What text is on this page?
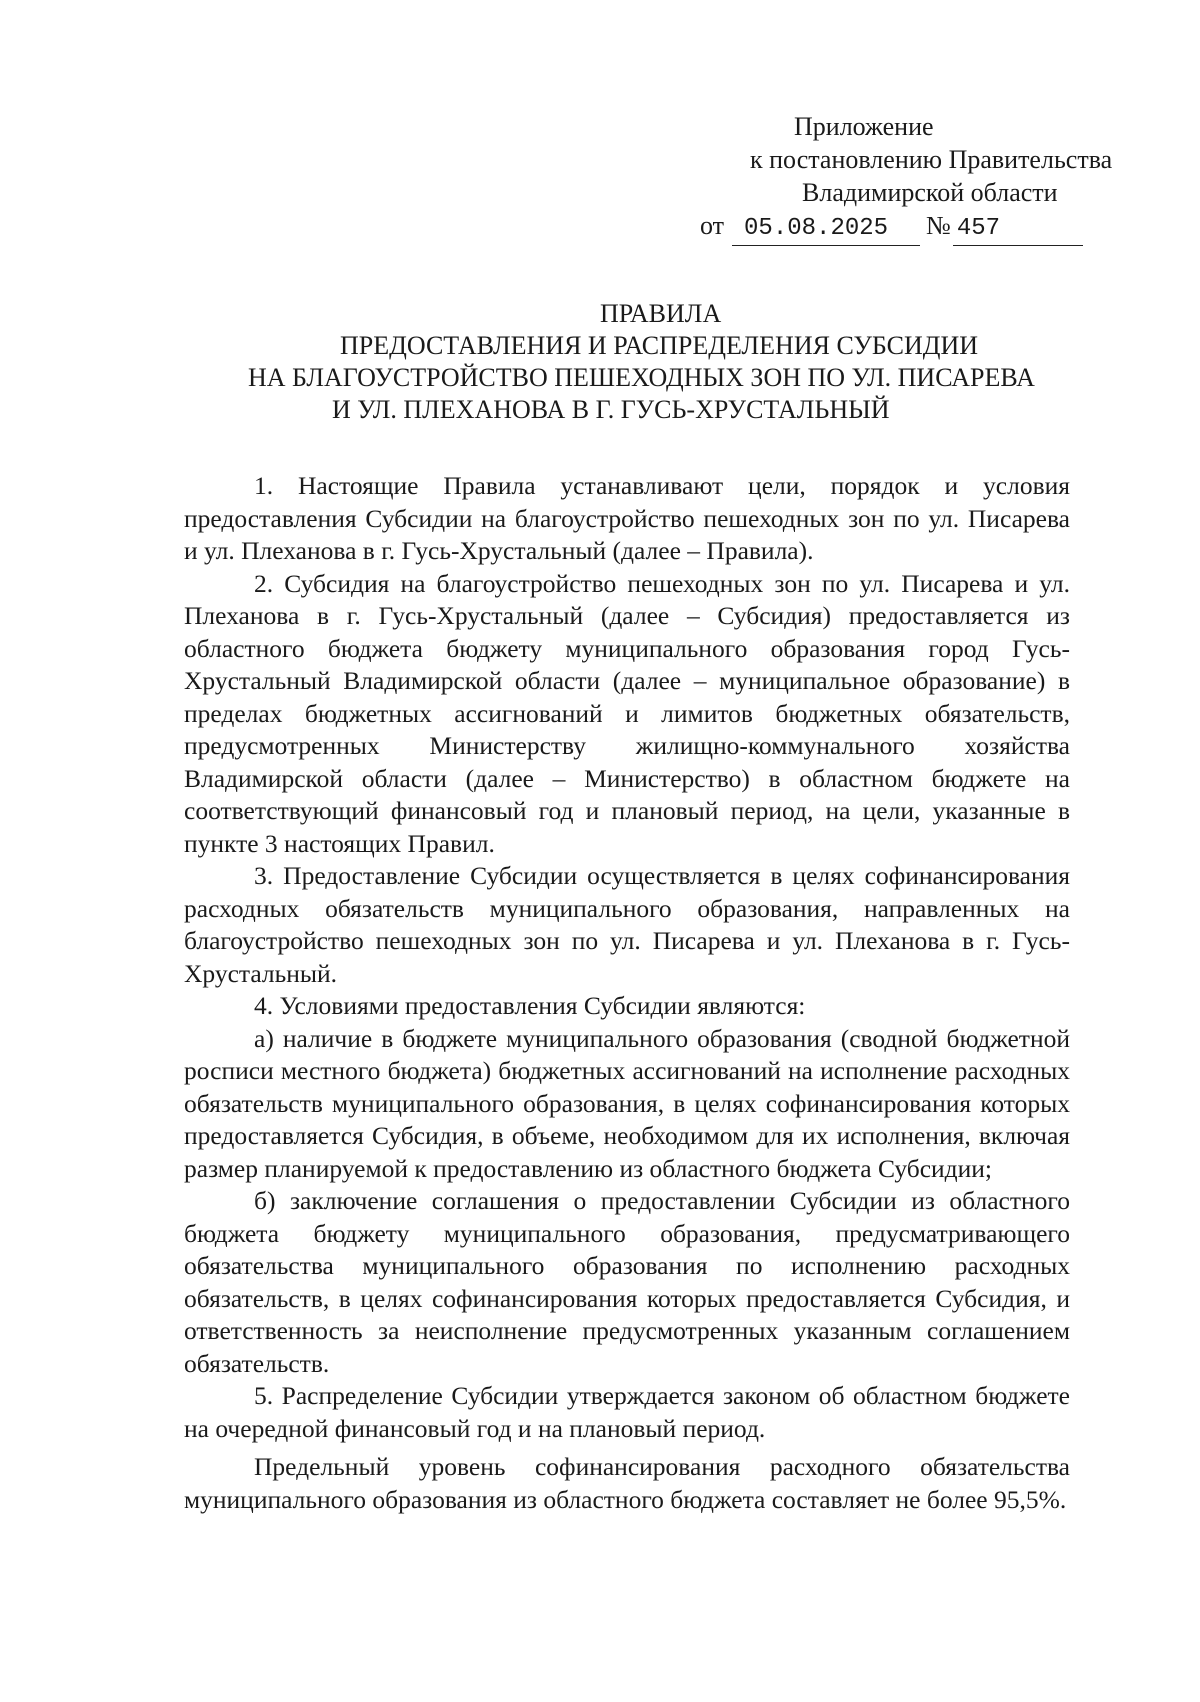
Приложение
к постановлению Правительства
Владимирской области
от 05.08.2025	№ 457
ПРАВИЛА
ПРЕДОСТАВЛЕНИЯ И РАСПРЕДЕЛЕНИЯ СУБСИДИИ
НА БЛАГОУСТРОЙСТВО ПЕШЕХОДНЫХ ЗОН ПО УЛ. ПИСАРЕВА
И УЛ. ПЛЕХАНОВА В Г. ГУСЬ-ХРУСТАЛЬНЫЙ

1. Настоящие Правила устанавливают цели, порядок и условия предоставления Субсидии на благоустройство пешеходных зон по ул. Писарева и ул. Плеханова в г. Гусь-Хрустальный (далее – Правила).

2. Субсидия на благоустройство пешеходных зон по ул. Писарева и ул. Плеханова в г. Гусь-Хрустальный (далее – Субсидия) предоставляется из областного бюджета бюджету муниципального образования город Гусь-Хрустальный Владимирской области (далее – муниципальное образование) в пределах бюджетных ассигнований и лимитов бюджетных обязательств, предусмотренных Министерству жилищно-коммунального хозяйства Владимирской области (далее – Министерство) в областном бюджете на соответствующий финансовый год и плановый период, на цели, указанные в пункте 3 настоящих Правил.

3. Предоставление Субсидии осуществляется в целях софинансирования расходных обязательств муниципального образования, направленных на благоустройство пешеходных зон по ул. Писарева и ул. Плеханова в г. Гусь-Хрустальный.

4. Условиями предоставления Субсидии являются:

а) наличие в бюджете муниципального образования (сводной бюджетной росписи местного бюджета) бюджетных ассигнований на исполнение расходных обязательств муниципального образования, в целях софинансирования которых предоставляется Субсидия, в объеме, необходимом для их исполнения, включая размер планируемой к предоставлению из областного бюджета Субсидии;

б) заключение соглашения о предоставлении Субсидии из областного бюджета бюджету муниципального образования, предусматривающего обязательства муниципального образования по исполнению расходных обязательств, в целях софинансирования которых предоставляется Субсидия, и ответственность за неисполнение предусмотренных указанным соглашением обязательств.

5. Распределение Субсидии утверждается законом об областном бюджете на очередной финансовый год и на плановый период.

Предельный уровень софинансирования расходного обязательства муниципального образования из областного бюджета составляет не более 95,5%.
